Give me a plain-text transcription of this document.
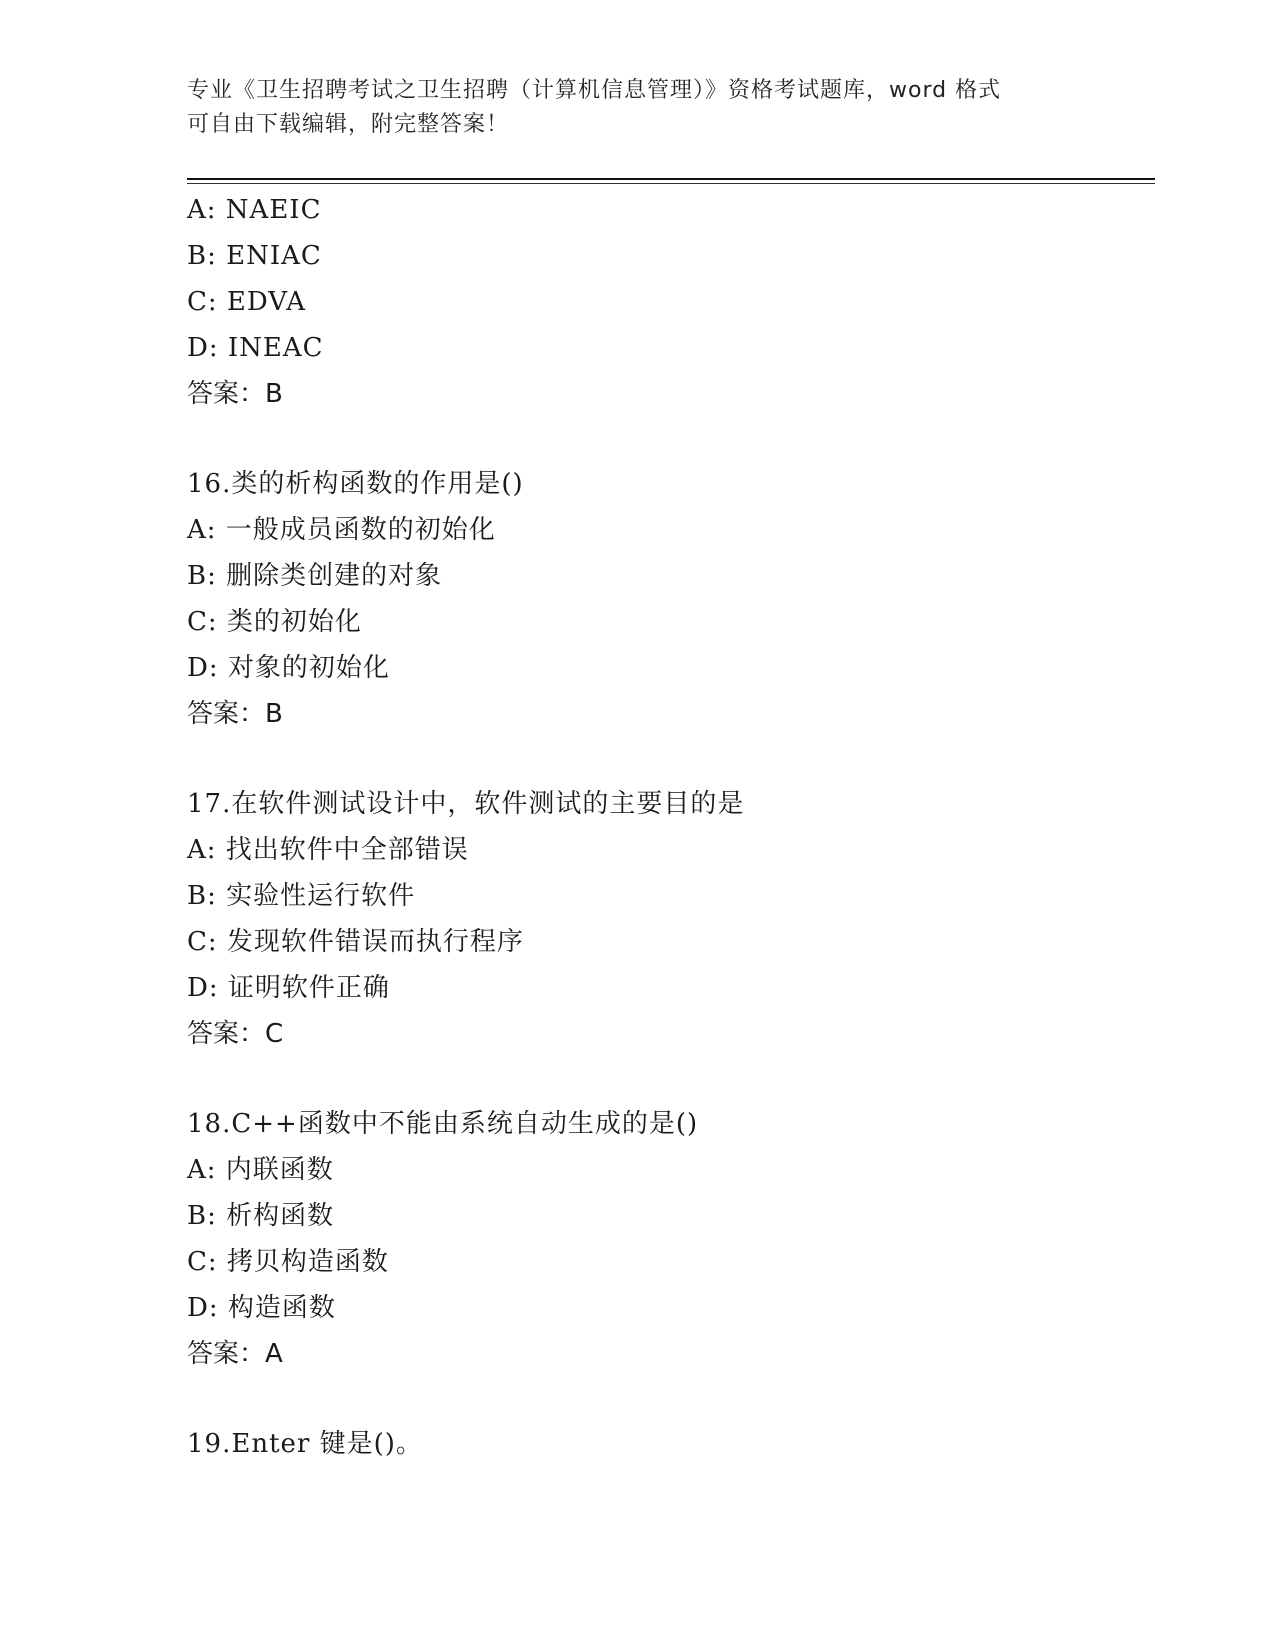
专业《卫生招聘考试之卫生招聘（计算机信息管理）》资格考试题库，word 格式
可自由下载编辑，附完整答案！
A: NAEIC
B: ENIAC
C: EDVA
D: INEAC
答案：B
16.类的析构函数的作用是()
A: 一般成员函数的初始化
B: 删除类创建的对象
C: 类的初始化
D: 对象的初始化
答案：B
17.在软件测试设计中，软件测试的主要目的是
A: 找出软件中全部错误
B: 实验性运行软件
C: 发现软件错误而执行程序
D: 证明软件正确
答案：C
18.C++函数中不能由系统自动生成的是()
A: 内联函数
B: 析构函数
C: 拷贝构造函数
D: 构造函数
答案：A
19.Enter 键是()。
